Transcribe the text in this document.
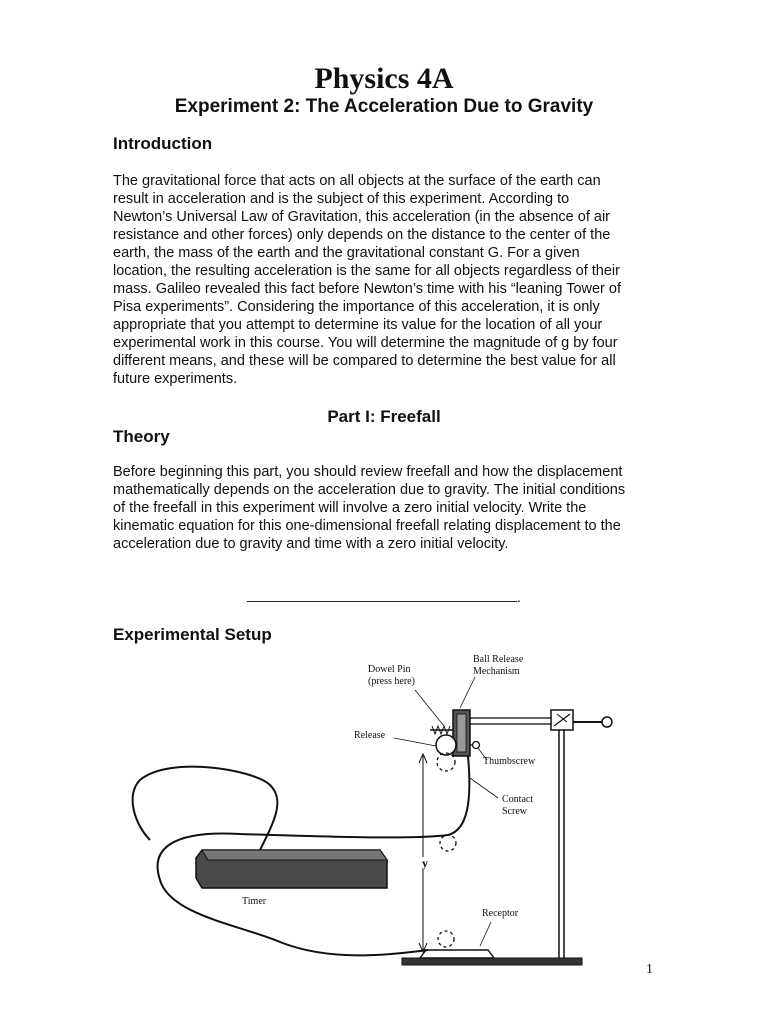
Physics 4A
Experiment 2: The Acceleration Due to Gravity
Introduction
The gravitational force that acts on all objects at the surface of the earth can
result in acceleration and is the subject of this experiment. According to
Newton’s Universal Law of Gravitation, this acceleration (in the absence of air
resistance and other forces) only depends on the distance to the center of the
earth, the mass of the earth and the gravitational constant G. For a given
location, the resulting acceleration is the same for all objects regardless of their
mass. Galileo revealed this fact before Newton’s time with his “leaning Tower of
Pisa experiments”. Considering the importance of this acceleration, it is only
appropriate that you attempt to determine its value for the location of all your
experimental work in this course. You will determine the magnitude of g by four
different means, and these will be compared to determine the best value for all
future experiments.
Part I: Freefall
Theory
Before beginning this part, you should review freefall and how the displacement
mathematically depends on the acceleration due to gravity. The initial conditions
of the freefall in this experiment will involve a zero initial velocity. Write the
kinematic equation for this one-dimensional freefall relating displacement to the
acceleration due to gravity and time with a zero initial velocity.
.
Experimental Setup
Dowel Pin
(press here)
Ball Release
Mechanism
Release
Thumbscrew
Contact
Screw
y
Timer
Receptor
1
